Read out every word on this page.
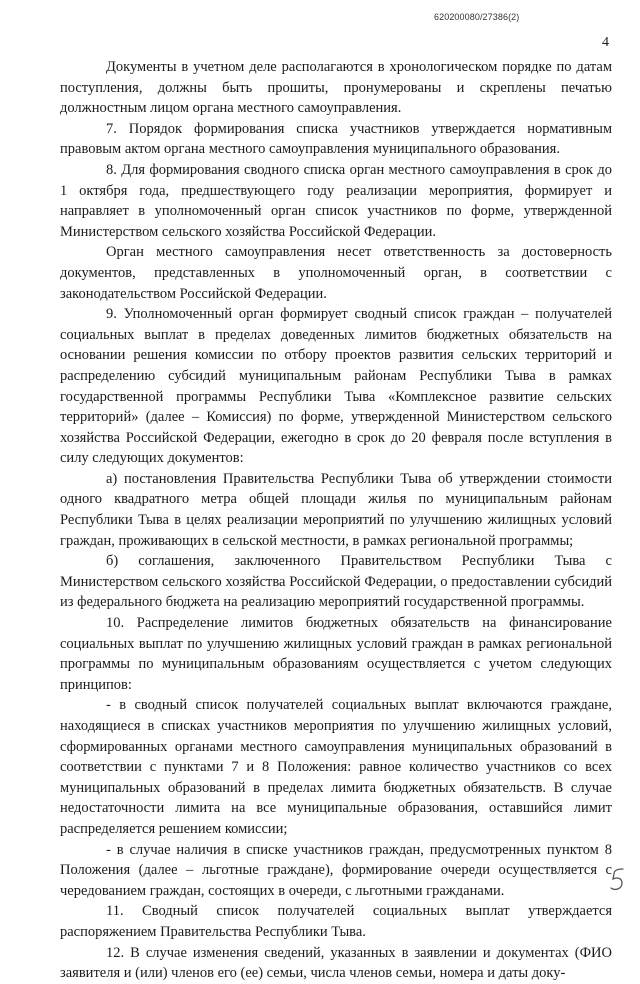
620200080/27386(2)
4

Документы в учетном деле располагаются в хронологическом порядке по датам поступления, должны быть прошиты, пронумерованы и скреплены печатью должностным лицом органа местного самоуправления.

7. Порядок формирования списка участников утверждается нормативным правовым актом органа местного самоуправления муниципального образования.

8. Для формирования сводного списка орган местного самоуправления в срок до 1 октября года, предшествующего году реализации мероприятия, формирует и направляет в уполномоченный орган список участников по форме, утвержденной Министерством сельского хозяйства Российской Федерации.

Орган местного самоуправления несет ответственность за достоверность документов, представленных в уполномоченный орган, в соответствии с законодательством Российской Федерации.

9. Уполномоченный орган формирует сводный список граждан – получателей социальных выплат в пределах доведенных лимитов бюджетных обязательств на основании решения комиссии по отбору проектов развития сельских территорий и распределению субсидий муниципальным районам Республики Тыва в рамках государственной программы Республики Тыва «Комплексное развитие сельских территорий» (далее – Комиссия) по форме, утвержденной Министерством сельского хозяйства Российской Федерации, ежегодно в срок до 20 февраля после вступления в силу следующих документов:

а) постановления Правительства Республики Тыва об утверждении стоимости одного квадратного метра общей площади жилья по муниципальным районам Республики Тыва в целях реализации мероприятий по улучшению жилищных условий граждан, проживающих в сельской местности, в рамках региональной программы;

б) соглашения, заключенного Правительством Республики Тыва с Министерством сельского хозяйства Российской Федерации, о предоставлении субсидий из федерального бюджета на реализацию мероприятий государственной программы.

10. Распределение лимитов бюджетных обязательств на финансирование социальных выплат по улучшению жилищных условий граждан в рамках региональной программы по муниципальным образованиям осуществляется с учетом следующих принципов:

- в сводный список получателей социальных выплат включаются граждане, находящиеся в списках участников мероприятия по улучшению жилищных условий, сформированных органами местного самоуправления муниципальных образований в соответствии с пунктами 7 и 8 Положения: равное количество участников со всех муниципальных образований в пределах лимита бюджетных обязательств. В случае недостаточности лимита на все муниципальные образования, оставшийся лимит распределяется решением комиссии;

- в случае наличия в списке участников граждан, предусмотренных пунктом 8 Положения (далее – льготные граждане), формирование очереди осуществляется с чередованием граждан, состоящих в очереди, с льготными гражданами.

11. Сводный список получателей социальных выплат утверждается распоряжением Правительства Республики Тыва.

12. В случае изменения сведений, указанных в заявлении и документах (ФИО заявителя и (или) членов его (ее) семьи, числа членов семьи, номера и даты доку-
